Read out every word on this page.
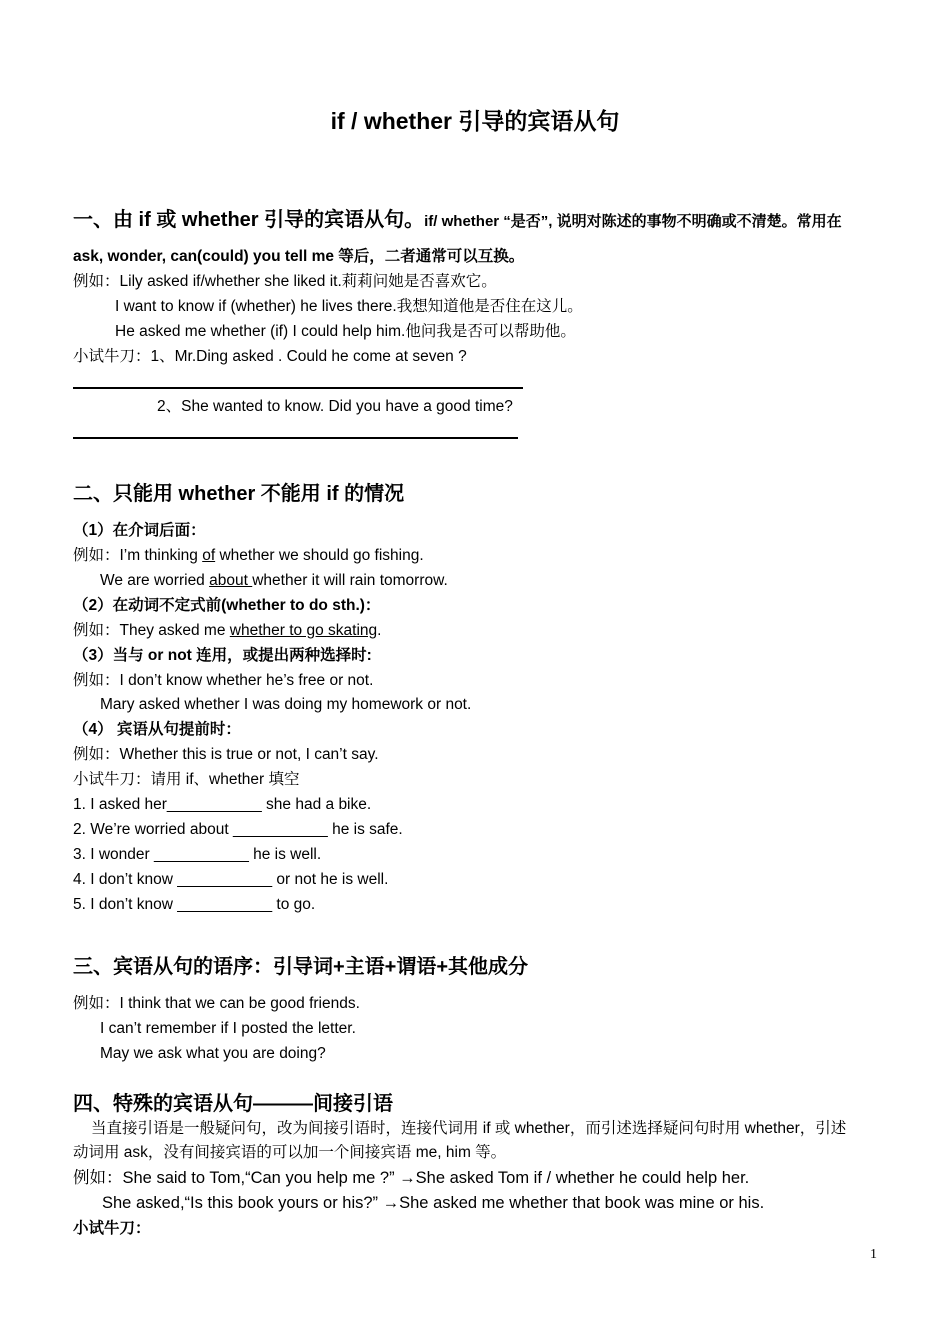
if / whether 引导的宾语从句
一、由 if 或 whether 引导的宾语从句。if/ whether “是否”, 说明对陈述的事物不明确或不清楚。常用在
ask, wonder, can(could) you tell me 等后，二者通常可以互换。
例如：Lily asked if/whether she liked it.莉莉问她是否喜欢它。
I want to know if (whether) he lives there.我想知道他是否住在这儿。
He asked me whether (if) I could help him.他问我是否可以帮助他。
小试牛刀：1、Mr.Ding asked . Could he come at seven ?
2、She wanted to know. Did you have a good time?
二、只能用 whether 不能用 if 的情况
（1）在介词后面：
例如：I’m thinking of whether we should go fishing.
We are worried about whether it will rain tomorrow.
（2）在动词不定式前(whether to do sth.)：
例如：They asked me whether to go skating.
（3）当与 or not 连用，或提出两种选择时:
例如：I don’t know whether he’s free or not.
Mary asked whether I was doing my homework or not.
（4） 宾语从句提前时：
例如：Whether this is true or not, I can’t say.
小试牛刀：请用 if、whether 填空
1. I asked her___________ she had a bike.
2. We’re worried about ___________ he is safe.
3. I wonder ___________ he is well.
4. I don’t know ___________ or not he is well.
5. I don’t know ___________ to go.
三、宾语从句的语序：引导词+主语+谓语+其他成分
例如：I think that we can be good friends.
I can’t remember if I posted the letter.
May we ask what you are doing?
四、特殊的宾语从句———间接引语
当直接引语是一般疑问句，改为间接引语时，连接代词用 if 或 whether，而引述选择疑问句时用 whether，引述
动词用 ask，没有间接宾语的可以加一个间接宾语 me, him 等。
例如：She said to Tom,“Can you help me ?” →She asked Tom if / whether he could help her.
She asked,“Is this book yours or his?” →She asked me whether that book was mine or his.
小试牛刀：
1
